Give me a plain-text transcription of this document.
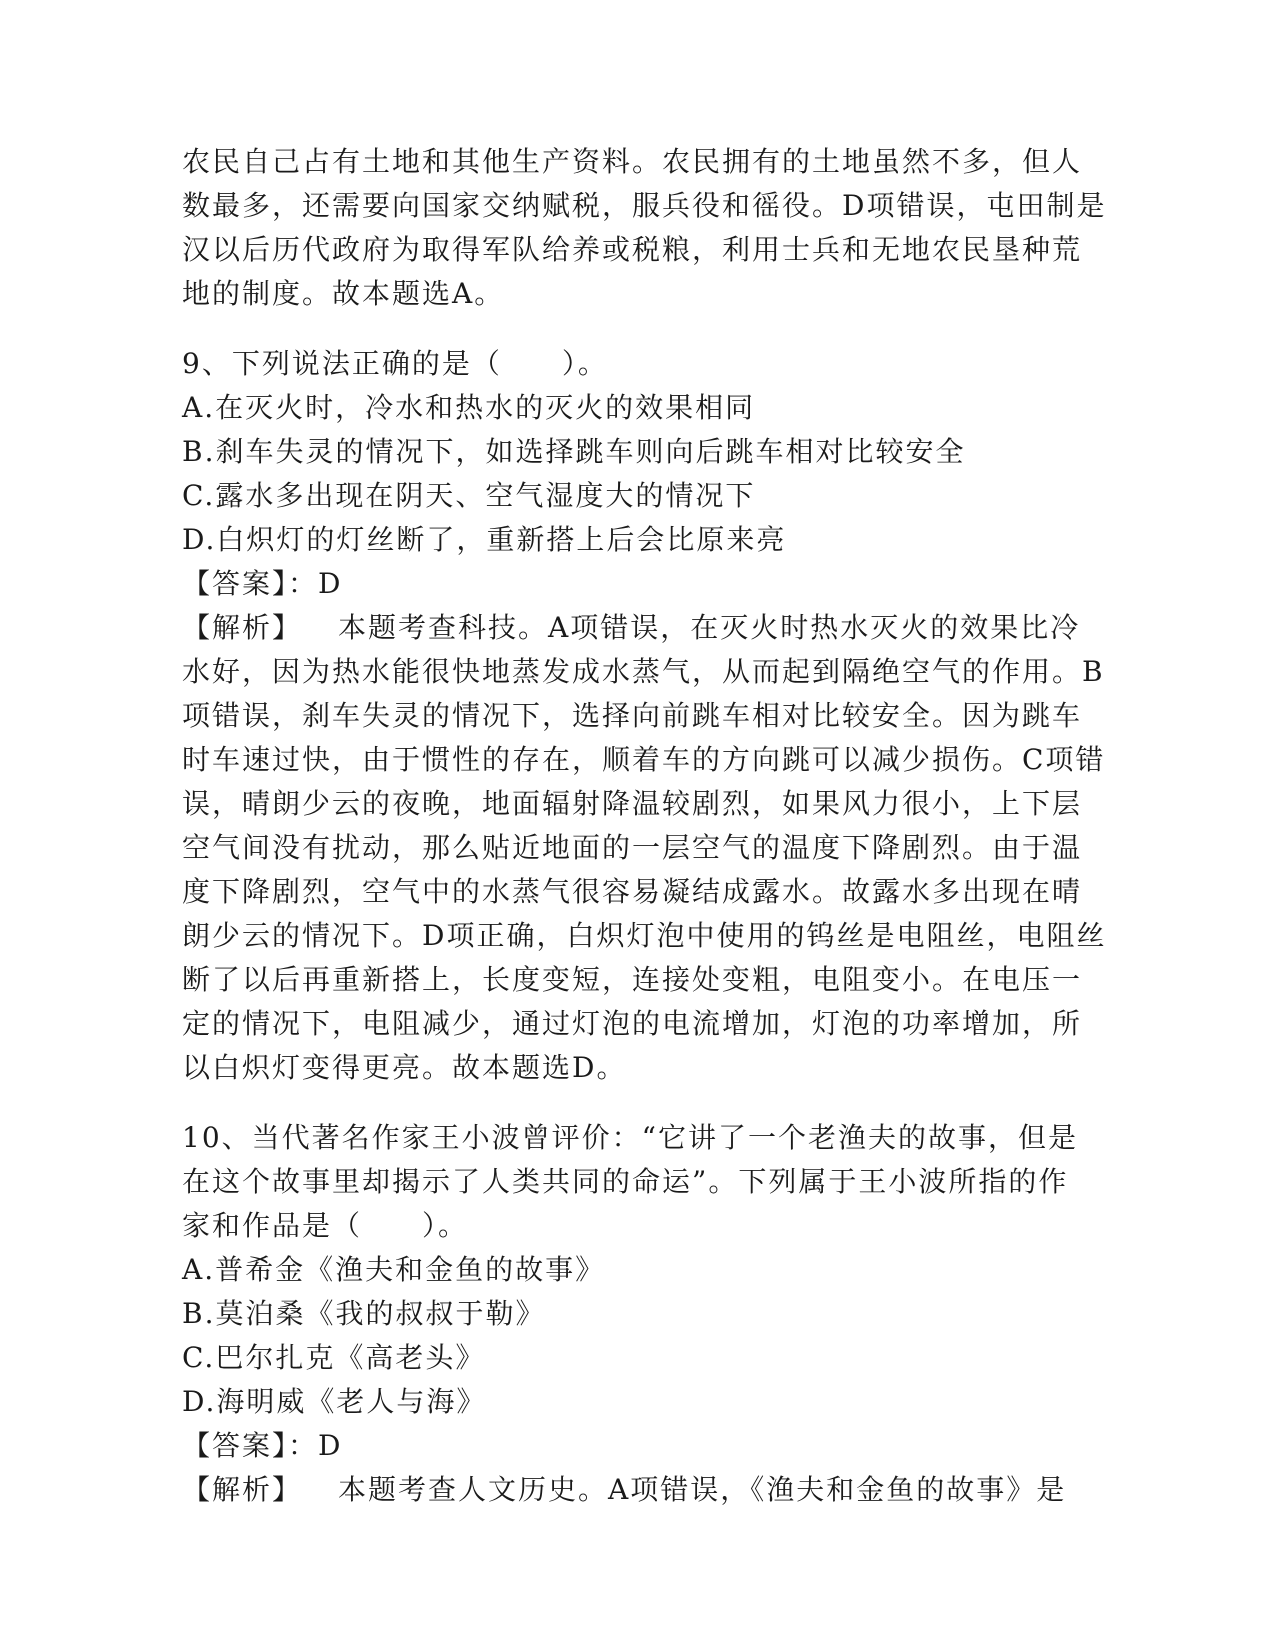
农民自己占有土地和其他生产资料。农民拥有的土地虽然不多，但人
数最多，还需要向国家交纳赋税，服兵役和徭役。D项错误，屯田制是
汉以后历代政府为取得军队给养或税粮，利用士兵和无地农民垦种荒
地的制度。故本题选A。
9、下列说法正确的是（　　）。
A.在灭火时，冷水和热水的灭火的效果相同
B.刹车失灵的情况下，如选择跳车则向后跳车相对比较安全
C.露水多出现在阴天、空气湿度大的情况下
D.白炽灯的灯丝断了，重新搭上后会比原来亮
【答案】：D
【解析】 本题考查科技。A项错误，在灭火时热水灭火的效果比冷
水好，因为热水能很快地蒸发成水蒸气，从而起到隔绝空气的作用。B
项错误，刹车失灵的情况下，选择向前跳车相对比较安全。因为跳车
时车速过快，由于惯性的存在，顺着车的方向跳可以减少损伤。C项错
误，晴朗少云的夜晚，地面辐射降温较剧烈，如果风力很小，上下层
空气间没有扰动，那么贴近地面的一层空气的温度下降剧烈。由于温
度下降剧烈，空气中的水蒸气很容易凝结成露水。故露水多出现在晴
朗少云的情况下。D项正确，白炽灯泡中使用的钨丝是电阻丝，电阻丝
断了以后再重新搭上，长度变短，连接处变粗，电阻变小。在电压一
定的情况下，电阻减少，通过灯泡的电流增加，灯泡的功率增加，所
以白炽灯变得更亮。故本题选D。
10、当代著名作家王小波曾评价：“它讲了一个老渔夫的故事，但是
在这个故事里却揭示了人类共同的命运”。下列属于王小波所指的作
家和作品是（　　）。
A.普希金《渔夫和金鱼的故事》
B.莫泊桑《我的叔叔于勒》
C.巴尔扎克《高老头》
D.海明威《老人与海》
【答案】：D
【解析】 本题考查人文历史。A项错误，《渔夫和金鱼的故事》是
